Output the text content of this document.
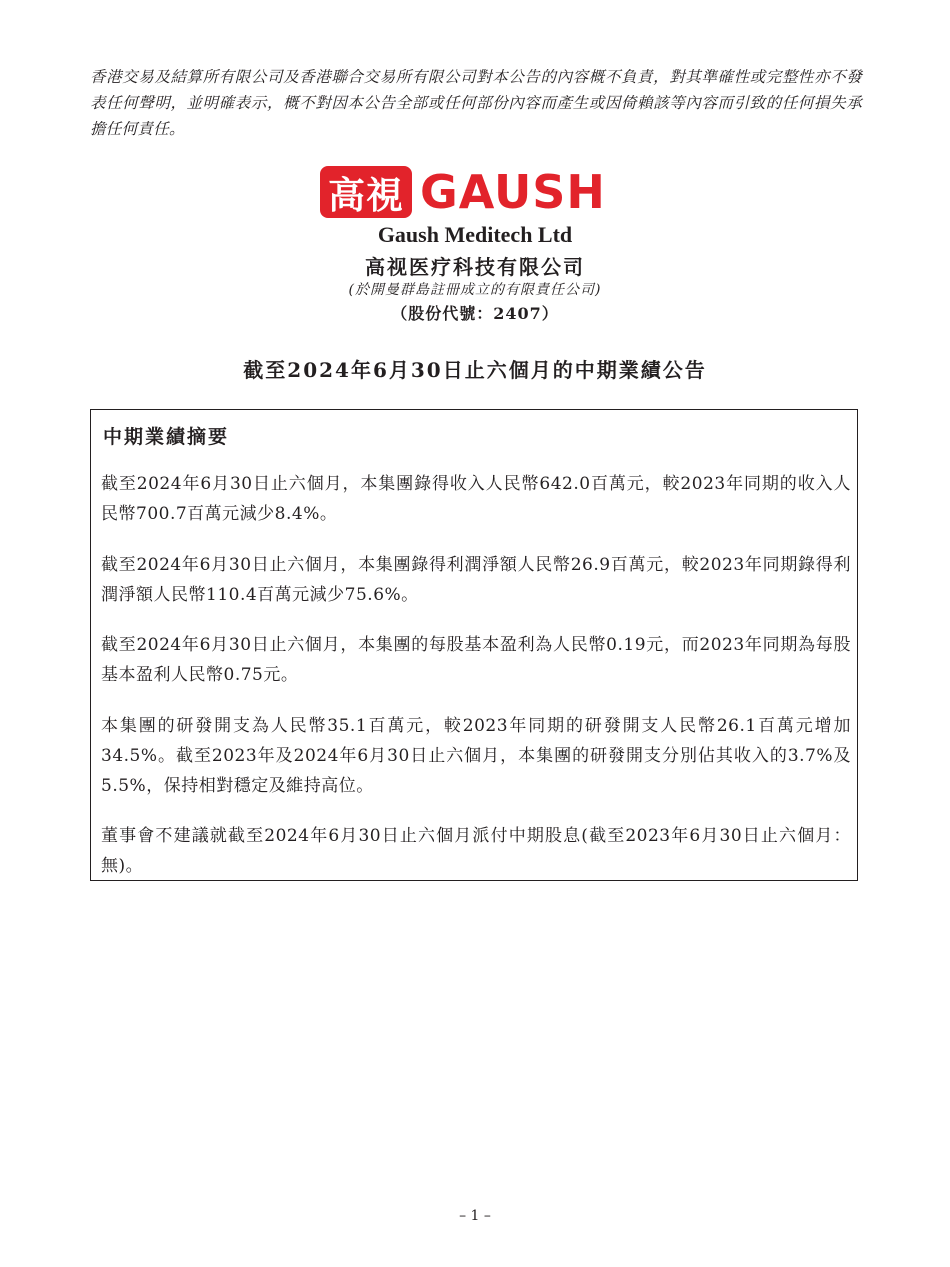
香港交易及結算所有限公司及香港聯合交易所有限公司對本公告的內容概不負責，對其準確性或完整性亦不發表任何聲明，並明確表示，概不對因本公告全部或任何部份內容而產生或因倚賴該等內容而引致的任何損失承擔任何責任。
高視 GAUSH
Gaush Meditech Ltd
高视医疗科技有限公司
(於開曼群島註冊成立的有限責任公司)
（股份代號：2407）
截至2024年6月30日止六個月的中期業績公告
中期業績摘要
截至2024年6月30日止六個月，本集團錄得收入人民幣642.0百萬元，較2023年同期的收入人民幣700.7百萬元減少8.4%。
截至2024年6月30日止六個月，本集團錄得利潤淨額人民幣26.9百萬元，較2023年同期錄得利潤淨額人民幣110.4百萬元減少75.6%。
截至2024年6月30日止六個月，本集團的每股基本盈利為人民幣0.19元，而2023年同期為每股基本盈利人民幣0.75元。
本集團的研發開支為人民幣35.1百萬元，較2023年同期的研發開支人民幣26.1百萬元增加34.5%。截至2023年及2024年6月30日止六個月，本集團的研發開支分別佔其收入的3.7%及5.5%，保持相對穩定及維持高位。
董事會不建議就截至2024年6月30日止六個月派付中期股息(截至2023年6月30日止六個月：無)。
– 1 –
